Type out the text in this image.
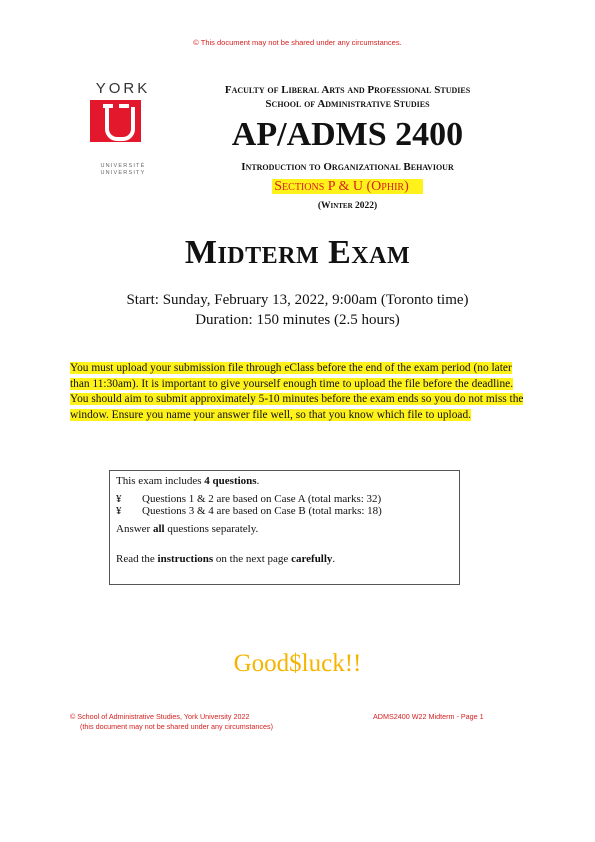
© This document may not be shared under any circumstances.
YORK
UNIVERSITÉ
UNIVERSITY
Faculty of Liberal Arts and Professional Studies
School of Administrative Studies
AP/ADMS 2400
Introduction to Organizational Behaviour
Sections P & U (Ophir)
(Winter 2022)
Midterm Exam
Start: Sunday, February 13, 2022, 9:00am (Toronto time)
Duration: 150 minutes (2.5 hours)
You must upload your submission file through eClass before the end of the exam period (no later than 11:30am). It is important to give yourself enough time to upload the file before the deadline. You should aim to submit approximately 5-10 minutes before the exam ends so you do not miss the window. Ensure you name your answer file well, so that you know which file to upload.

This exam includes 4 questions.

¥ Questions 1 & 2 are based on Case A (total marks: 32)

¥ Questions 3 & 4 are based on Case B (total marks: 18)

Answer all questions separately.

Read the instructions on the next page carefully.

Good$luck!!
© School of Administrative Studies, York University 2022
(this document may not be shared under any circumstances)
ADMS2400 W22 Midterm - Page 1
